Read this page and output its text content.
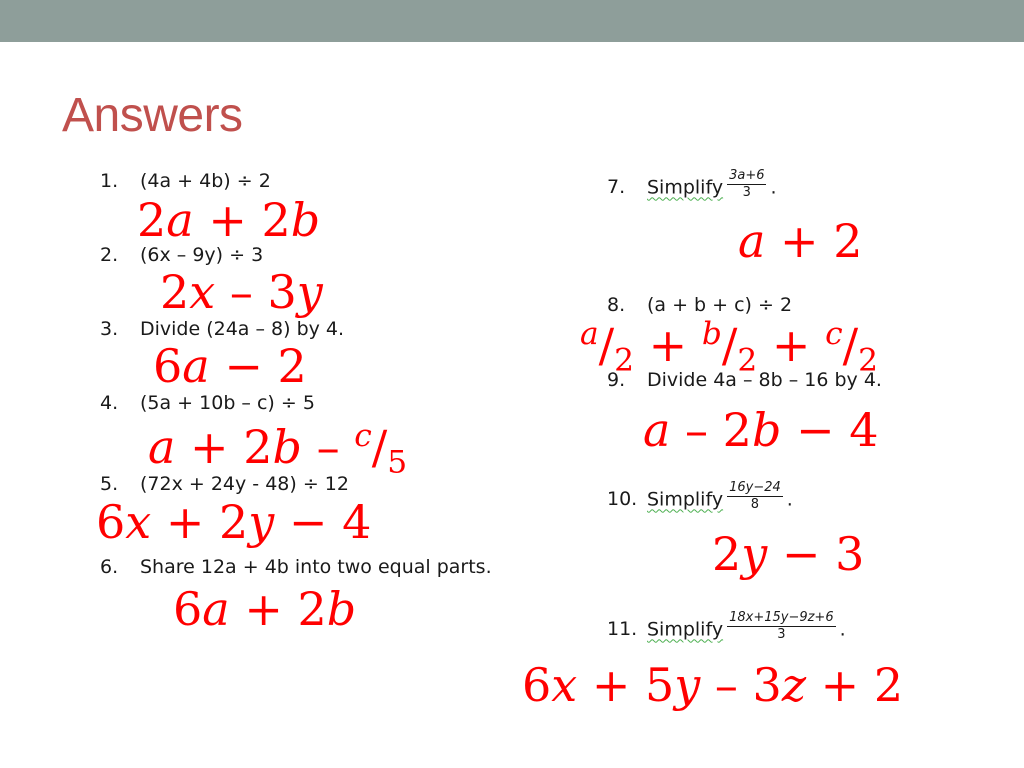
Answers
1. (4a + 4b) ÷ 2
2. (6x – 9y) ÷ 3
3. Divide (24a – 8) by 4.
4. (5a + 10b – c) ÷ 5
5. (72x + 24y - 48) ÷ 12
6. Share 12a + 4b into two equal parts.
7. Simplify $\frac{3a+6}{3}$ .
8. (a + b + c) ÷ 2
9. Divide 4a – 8b – 16 by 4.
10. Simplify $\frac{16y-24}{8}$ .
11. Simplify $\frac{18x+15y-9z+6}{3}$ .
2a + 2b
2x – 3y
6a − 2
$a + 2b - ^c/_5$
6x + 2y − 4
6a + 2b
a + 2
$^a/_2 + ^b/_2 + ^c/_2$
a – 2b − 4
2y − 3
6x + 5y – 3z + 2
